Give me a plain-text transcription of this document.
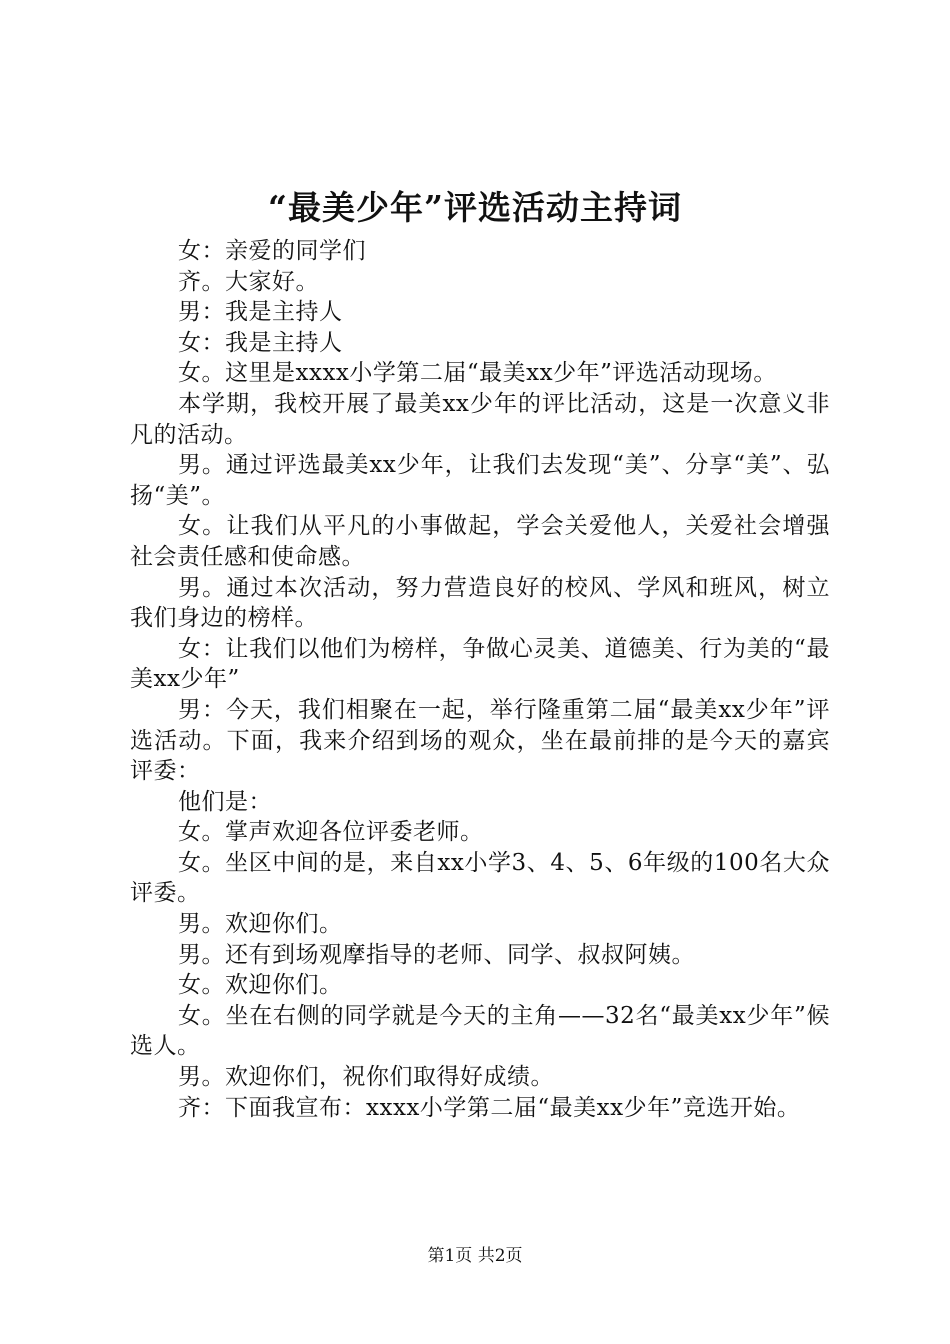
“最美少年”评选活动主持词

女：亲爱的同学们

齐。大家好。

男：我是主持人

女：我是主持人

女。这里是xxxx小学第二届“最美xx少年”评选活动现场。

本学期，我校开展了最美xx少年的评比活动，这是一次意义非凡的活动。

男。通过评选最美xx少年，让我们去发现“美”、分享“美”、弘扬“美”。

女。让我们从平凡的小事做起，学会关爱他人，关爱社会增强社会责任感和使命感。

男。通过本次活动，努力营造良好的校风、学风和班风，树立我们身边的榜样。

女：让我们以他们为榜样，争做心灵美、道德美、行为美的“最美xx少年”

男：今天，我们相聚在一起，举行隆重第二届“最美xx少年”评选活动。下面，我来介绍到场的观众，坐在最前排的是今天的嘉宾评委：

他们是：

女。掌声欢迎各位评委老师。

女。坐区中间的是，来自xx小学3、4、5、6年级的100名大众评委。

男。欢迎你们。

男。还有到场观摩指导的老师、同学、叔叔阿姨。

女。欢迎你们。

女。坐在右侧的同学就是今天的主角——32名“最美xx少年”候选人。

男。欢迎你们，祝你们取得好成绩。

齐：下面我宣布：xxxx小学第二届“最美xx少年”竞选开始。

第1页 共2页
